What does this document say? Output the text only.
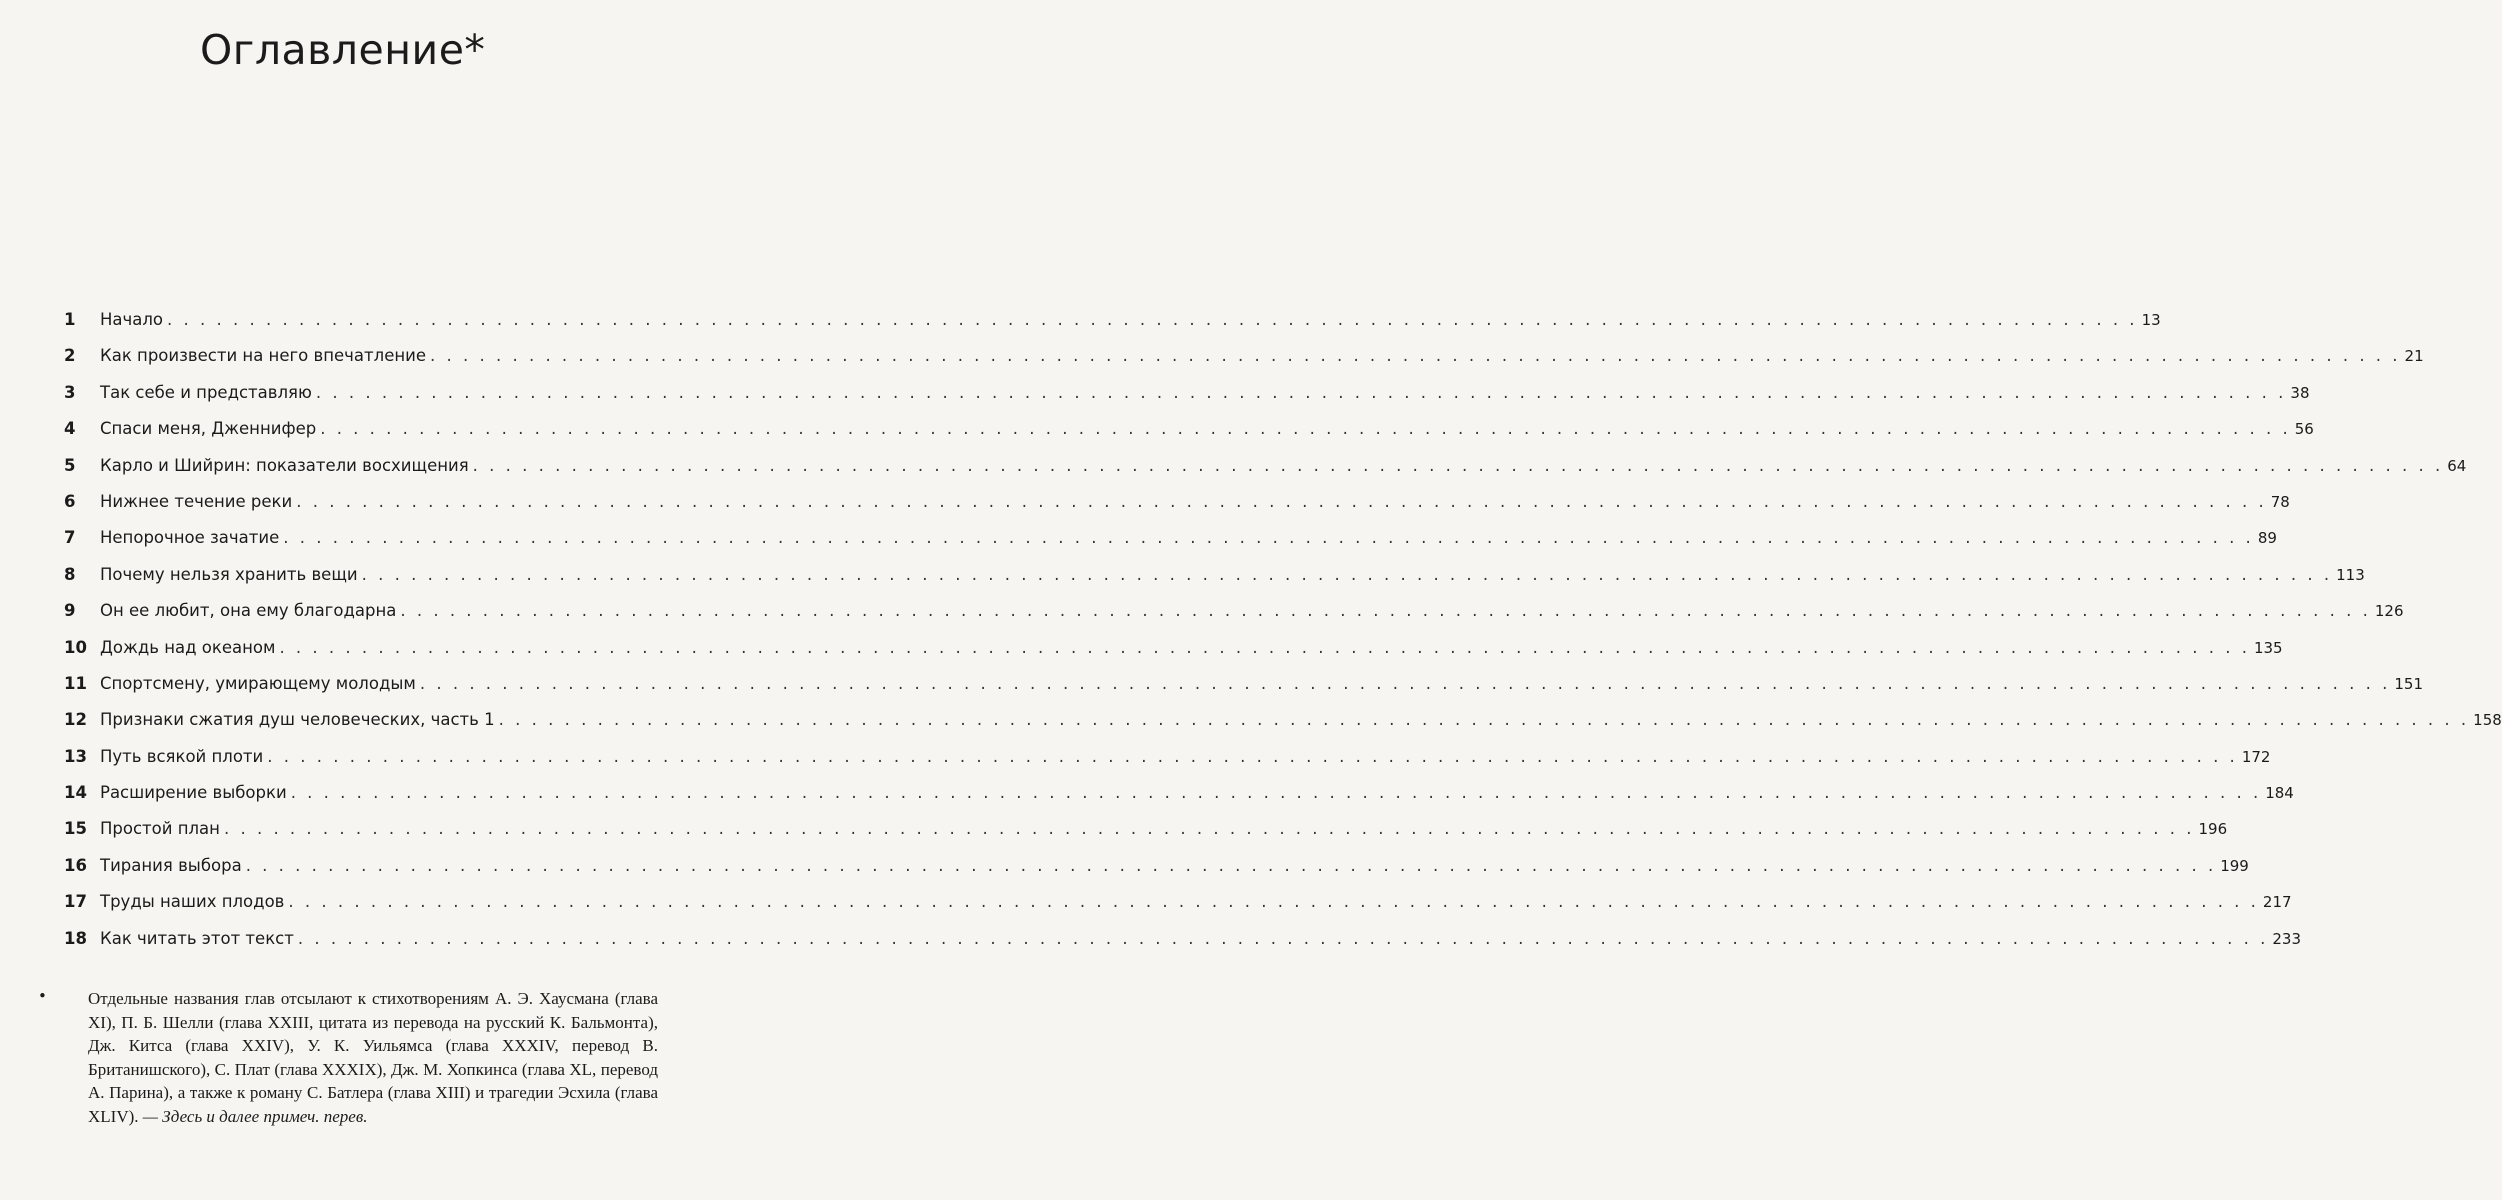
Оглавление*
1	Начало . . . . . . . . . . . . . . . . . . . . . . . . . . . . . . . . . . . . . . . . . . . . . . . . . . . . . . . . . . . . . . . . . . . . . . . . . . . . . . . . . . . . . . . . . . . . . . . . . . . . . . . . . . . . . . . . . . . . . . . . 13
2	Как произвести на него впечатление . . . . . . . . . . . . . . . . . . . . . . . . . . . . . . . . . . . . . . . . . . . . . . . . . . . . . . . . . . . . . . . . . . . . . . . . . . . . . . . . . . . . . . . . . . . . . . . . . . . . . . . . . . . . . . . . . . . . . . . . 21
3	Так себе и представляю . . . . . . . . . . . . . . . . . . . . . . . . . . . . . . . . . . . . . . . . . . . . . . . . . . . . . . . . . . . . . . . . . . . . . . . . . . . . . . . . . . . . . . . . . . . . . . . . . . . . . . . . . . . . . . . . . . . . . . . . 38
4	Спаси меня, Дженнифер . . . . . . . . . . . . . . . . . . . . . . . . . . . . . . . . . . . . . . . . . . . . . . . . . . . . . . . . . . . . . . . . . . . . . . . . . . . . . . . . . . . . . . . . . . . . . . . . . . . . . . . . . . . . . . . . . . . . . . . . 56
5	Карло и Шийрин: показатели восхищения . . . . . . . . . . . . . . . . . . . . . . . . . . . . . . . . . . . . . . . . . . . . . . . . . . . . . . . . . . . . . . . . . . . . . . . . . . . . . . . . . . . . . . . . . . . . . . . . . . . . . . . . . . . . . . . . . . . . . . . . 64
6	Нижнее течение реки . . . . . . . . . . . . . . . . . . . . . . . . . . . . . . . . . . . . . . . . . . . . . . . . . . . . . . . . . . . . . . . . . . . . . . . . . . . . . . . . . . . . . . . . . . . . . . . . . . . . . . . . . . . . . . . . . . . . . . . . 78
7	Непорочное зачатие . . . . . . . . . . . . . . . . . . . . . . . . . . . . . . . . . . . . . . . . . . . . . . . . . . . . . . . . . . . . . . . . . . . . . . . . . . . . . . . . . . . . . . . . . . . . . . . . . . . . . . . . . . . . . . . . . . . . . . . . 89
8	Почему нельзя хранить вещи . . . . . . . . . . . . . . . . . . . . . . . . . . . . . . . . . . . . . . . . . . . . . . . . . . . . . . . . . . . . . . . . . . . . . . . . . . . . . . . . . . . . . . . . . . . . . . . . . . . . . . . . . . . . . . . . . . . . . . . . 113
9	Он ее любит, она ему благодарна . . . . . . . . . . . . . . . . . . . . . . . . . . . . . . . . . . . . . . . . . . . . . . . . . . . . . . . . . . . . . . . . . . . . . . . . . . . . . . . . . . . . . . . . . . . . . . . . . . . . . . . . . . . . . . . . . . . . . . . . 126
10 Дождь над океаном . . . . . . . . . . . . . . . . . . . . . . . . . . . . . . . . . . . . . . . . . . . . . . . . . . . . . . . . . . . . . . . . . . . . . . . . . . . . . . . . . . . . . . . . . . . . . . . . . . . . . . . . . . . . . . . . . . . . . . . . 135
11 Спортсмену, умирающему молодым . . . . . . . . . . . . . . . . . . . . . . . . . . . . . . . . . . . . . . . . . . . . . . . . . . . . . . . . . . . . . . . . . . . . . . . . . . . . . . . . . . . . . . . . . . . . . . . . . . . . . . . . . . . . . . . . . . . . . . . . 151
12 Признаки сжатия душ человеческих, часть 1 . . . . . . . . . . . . . . . . . . . . . . . . . . . . . . . . . . . . . . . . . . . . . . . . . . . . . . . . . . . . . . . . . . . . . . . . . . . . . . . . . . . . . . . . . . . . . . . . . . . . . . . . . . . . . . . . . . . . . . . . 158
13 Путь всякой плоти . . . . . . . . . . . . . . . . . . . . . . . . . . . . . . . . . . . . . . . . . . . . . . . . . . . . . . . . . . . . . . . . . . . . . . . . . . . . . . . . . . . . . . . . . . . . . . . . . . . . . . . . . . . . . . . . . . . . . . . . 172
14 Расширение выборки . . . . . . . . . . . . . . . . . . . . . . . . . . . . . . . . . . . . . . . . . . . . . . . . . . . . . . . . . . . . . . . . . . . . . . . . . . . . . . . . . . . . . . . . . . . . . . . . . . . . . . . . . . . . . . . . . . . . . . . . 184
15 Простой план . . . . . . . . . . . . . . . . . . . . . . . . . . . . . . . . . . . . . . . . . . . . . . . . . . . . . . . . . . . . . . . . . . . . . . . . . . . . . . . . . . . . . . . . . . . . . . . . . . . . . . . . . . . . . . . . . . . . . . . . 196
16 Тирания выбора . . . . . . . . . . . . . . . . . . . . . . . . . . . . . . . . . . . . . . . . . . . . . . . . . . . . . . . . . . . . . . . . . . . . . . . . . . . . . . . . . . . . . . . . . . . . . . . . . . . . . . . . . . . . . . . . . . . . . . . . 199
17 Труды наших плодов . . . . . . . . . . . . . . . . . . . . . . . . . . . . . . . . . . . . . . . . . . . . . . . . . . . . . . . . . . . . . . . . . . . . . . . . . . . . . . . . . . . . . . . . . . . . . . . . . . . . . . . . . . . . . . . . . . . . . . . . 217
18 Как читать этот текст . . . . . . . . . . . . . . . . . . . . . . . . . . . . . . . . . . . . . . . . . . . . . . . . . . . . . . . . . . . . . . . . . . . . . . . . . . . . . . . . . . . . . . . . . . . . . . . . . . . . . . . . . . . . . . . . . . . . . . . . 233
• Отдельные названия глав отсылают к стихотворениям А. Э. Хаусмана (глава XI), П. Б. Шелли (глава XXIII, цитата из перевода на русский К. Бальмонта), Дж. Китса (глава XXIV), У. К. Уильямса (глава XXXIV, перевод В. Британишского), С. Плат (глава XXXIX), Дж. М. Хопкинса (глава XL, перевод А. Парина), а также к роману С. Батлера (глава XIII) и трагедии Эсхила (глава XLIV). — Здесь и далее примеч. перев.
